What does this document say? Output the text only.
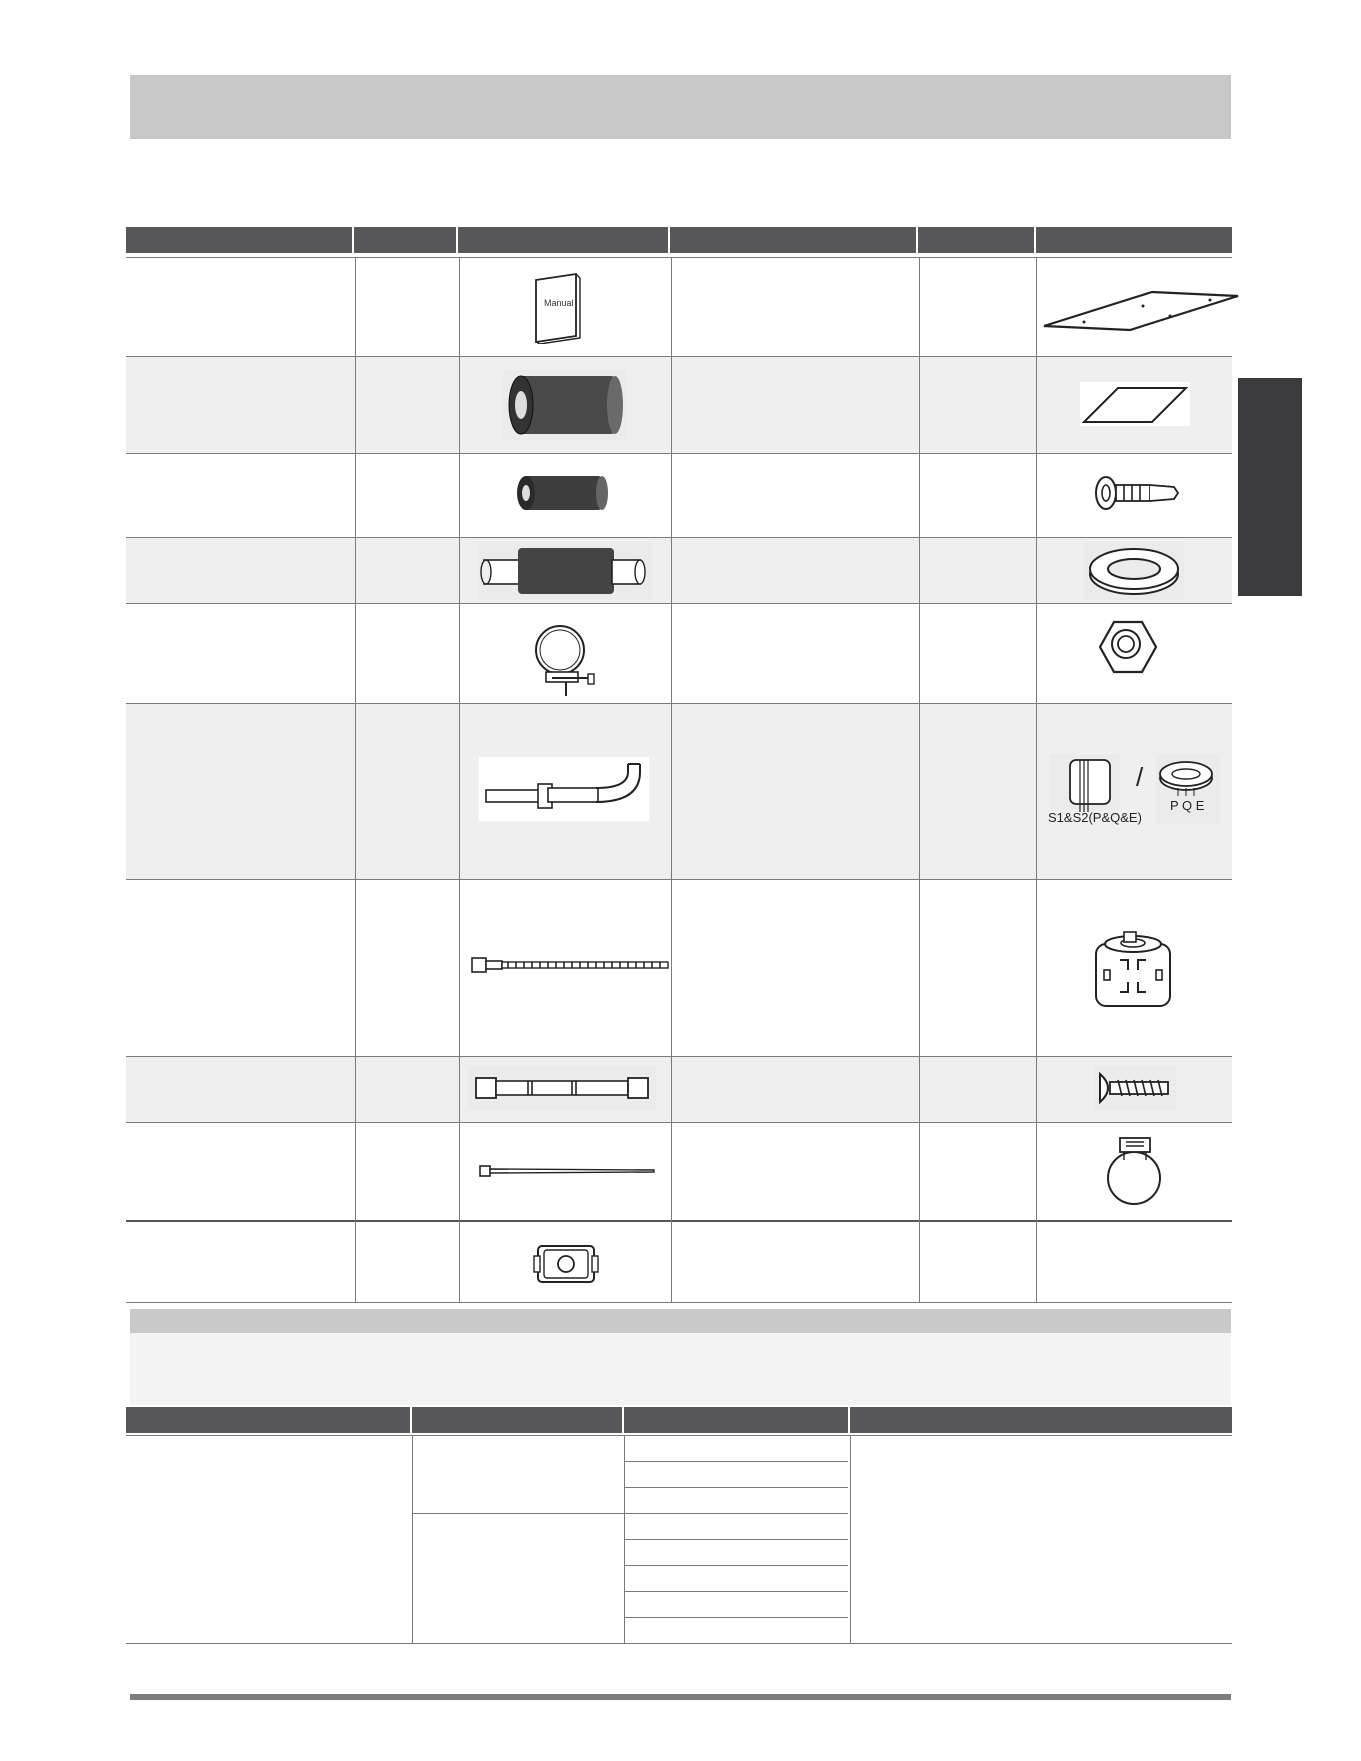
Manual
/
S1&S2(P&Q&E)
P Q E
